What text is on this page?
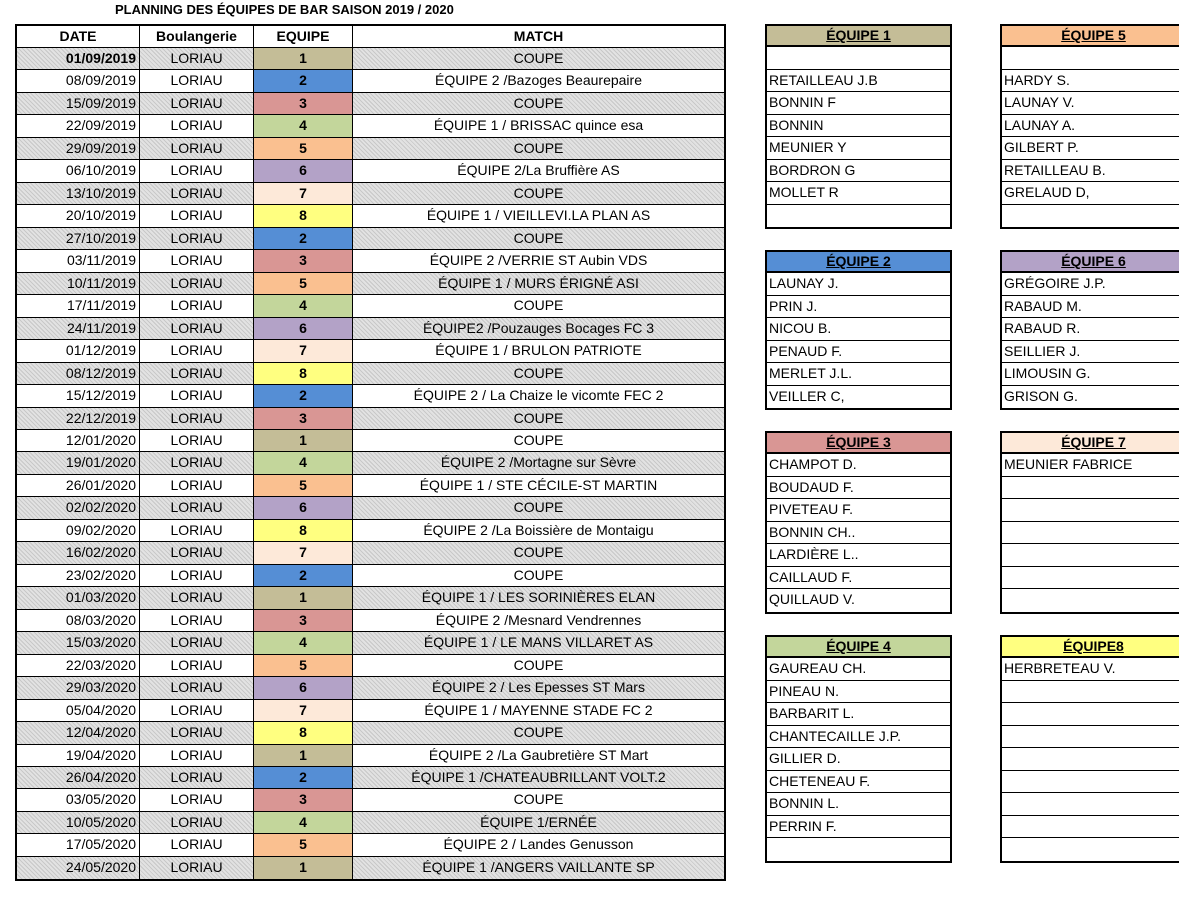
PLANNING DES ÉQUIPES DE BAR SAISON 2019 / 2020
DATE	Boulangerie	EQUIPE	MATCH
01/09/2019	LORIAU	1	COUPE
08/09/2019	LORIAU	2	ÉQUIPE 2 /Bazoges Beaurepaire
15/09/2019	LORIAU	3	COUPE
22/09/2019	LORIAU	4	ÉQUIPE 1 / BRISSAC quince esa
29/09/2019	LORIAU	5	COUPE
06/10/2019	LORIAU	6	ÉQUIPE 2/La Bruffière AS
13/10/2019	LORIAU	7	COUPE
20/10/2019	LORIAU	8	ÉQUIPE 1 / VIEILLEVI.LA PLAN AS
27/10/2019	LORIAU	2	COUPE
03/11/2019	LORIAU	3	ÉQUIPE 2 /VERRIE ST Aubin VDS
10/11/2019	LORIAU	5	ÉQUIPE 1 / MURS ÉRIGNÉ ASI
17/11/2019	LORIAU	4	COUPE
24/11/2019	LORIAU	6	ÉQUIPE2 /Pouzauges Bocages FC 3
01/12/2019	LORIAU	7	ÉQUIPE 1 / BRULON PATRIOTE
08/12/2019	LORIAU	8	COUPE
15/12/2019	LORIAU	2	ÉQUIPE 2 / La Chaize le vicomte FEC 2
22/12/2019	LORIAU	3	COUPE
12/01/2020	LORIAU	1	COUPE
19/01/2020	LORIAU	4	ÉQUIPE 2 /Mortagne sur Sèvre
26/01/2020	LORIAU	5	ÉQUIPE 1 / STE CÉCILE-ST MARTIN
02/02/2020	LORIAU	6	COUPE
09/02/2020	LORIAU	8	ÉQUIPE 2 /La Boissière de Montaigu
16/02/2020	LORIAU	7	COUPE
23/02/2020	LORIAU	2	COUPE
01/03/2020	LORIAU	1	ÉQUIPE 1 / LES SORINIÈRES ELAN
08/03/2020	LORIAU	3	ÉQUIPE 2 /Mesnard Vendrennes
15/03/2020	LORIAU	4	ÉQUIPE 1 / LE MANS VILLARET AS
22/03/2020	LORIAU	5	COUPE
29/03/2020	LORIAU	6	ÉQUIPE 2 / Les Epesses ST Mars
05/04/2020	LORIAU	7	ÉQUIPE 1 / MAYENNE STADE FC 2
12/04/2020	LORIAU	8	COUPE
19/04/2020	LORIAU	1	ÉQUIPE 2 /La Gaubretière ST Mart
26/04/2020	LORIAU	2	ÉQUIPE 1 /CHATEAUBRILLANT VOLT.2
03/05/2020	LORIAU	3	COUPE
10/05/2020	LORIAU	4	ÉQUIPE 1/ERNÉE
17/05/2020	LORIAU	5	ÉQUIPE 2 / Landes Genusson
24/05/2020	LORIAU	1	ÉQUIPE 1 /ANGERS VAILLANTE SP
ÉQUIPE 1
RETAILLEAU J.B
BONNIN F
BONNIN
MEUNIER Y
BORDRON G
MOLLET R
ÉQUIPE 5
HARDY S.
LAUNAY V.
LAUNAY A.
GILBERT P.
RETAILLEAU B.
GRELAUD D,
ÉQUIPE 2
LAUNAY J.
PRIN J.
NICOU B.
PENAUD F.
MERLET J.L.
VEILLER C,
ÉQUIPE 6
GRÉGOIRE J.P.
RABAUD M.
RABAUD R.
SEILLIER J.
LIMOUSIN G.
GRISON G.
ÉQUIPE 3
CHAMPOT D.
BOUDAUD F.
PIVETEAU F.
BONNIN CH..
LARDIÈRE L..
CAILLAUD F.
QUILLAUD V.
ÉQUIPE 7
MEUNIER FABRICE
ÉQUIPE 4
GAUREAU CH.
PINEAU N.
BARBARIT L.
CHANTECAILLE J.P.
GILLIER D.
CHETENEAU F.
BONNIN L.
PERRIN F.
ÉQUIPE8
HERBRETEAU V.
